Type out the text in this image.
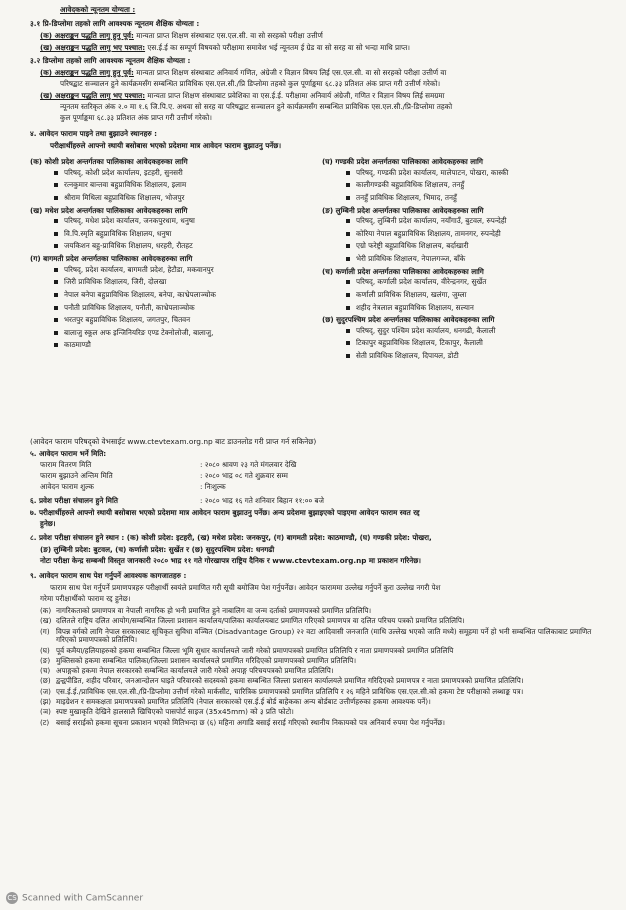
आवेदकको न्यूनतम योग्यता :
३.१ प्रि-डिप्लोमा तहको लागि आवश्यक न्यूनतम शैक्षिक योग्यता :
(क) अक्षराङ्कन पद्धति लागु हुनु पूर्व: मान्यता प्राप्त शिक्षण संस्थाबाट एस.एल.सी. वा सो सरहको परीक्षा उत्तीर्ण
(ख) अक्षराङ्कन पद्धति लागु भए पश्चात: एस.ई.ई का सम्पूर्ण विषयको परीक्षामा समावेश भई न्यूनतम ई ग्रेड वा सो सरह वा सो भन्दा माथि प्राप्त।
३.२ डिप्लोमा तहको लागि आवश्यक न्यूनतम शैक्षिक योग्यता :
(क) अक्षराङ्कन पद्धति लागु हुनु पूर्व: मान्यता प्राप्त शिक्षण संस्थाबाट अनिवार्य गणित, अंग्रेजी र विज्ञान विषय लिई एस.एल.सी. वा सो सरहको परीक्षा उत्तीर्ण वा
परिषद्बाट सञ्चालन हुने कार्यक्रमसँग सम्बन्धित प्राविधिक एस.एल.सी./प्रि डिप्लोमा तहको कुल पूर्णाङ्कमा ६८.३३ प्रतिशत अंक प्राप्त गरी उत्तीर्ण गरेको।
(ख) अक्षराङ्कन पद्धति लागु भए पश्चात: मान्यता प्राप्त शिक्षण संस्थाबाट प्रवेशिका वा एस.ई.ई. परीक्षामा अनिवार्य अंग्रेजी, गणित र विज्ञान विषय लिई समग्रमा
न्यूनतम स्तरिकृत अंक २.० मा १.६ जि.पि.ए. अथवा सो सरह वा परिषद्बाट सञ्चालन हुने कार्यक्रमसँग सम्बन्धित प्राविधिक एस.एल.सी./प्रि-डिप्लोमा तहको
कुल पूर्णाङ्कमा ६८.३३ प्रतिशत अंक प्राप्त गरी उत्तीर्ण गरेको।
४. आवेदन फाराम पाइने तथा बुझाउने स्थानहरु :
परीक्षार्थीहरुले आफ्नो स्थायी बसोबास भएको प्रदेशमा मात्र आवेदन फाराम बुझाउनु पर्नेछ।
(क) कोशी प्रदेश अन्तर्गतका पालिकाका आवेदकहरुका लागि
परिषद्, कोशी प्रदेश कार्यालय, इटहरी, सुनसरी
रत्नकुमार बान्तवा बहुप्राविधिक शिक्षालय, इलाम
श्रीराम मिथिला बहुप्राविधिक शिक्षालय, भोजपुर
(ख) मधेश प्रदेश अन्तर्गतका पालिकाका आवेदकहरुका लागि
परिषद्, मधेश प्रदेश कार्यालय, जनकपुरधाम, धनुषा
वि.पि.स्मृति बहुप्राविधिक शिक्षालय, धनुषा
जयकिशन बहु-प्राविधिक शिक्षालय, धरहरी, रौतहट
(ग) बागमती प्रदेश अन्तर्गतका पालिकाका आवेदकहरुका लागि
परिषद्, प्रदेश कार्यालय, बागमती प्रदेश, हेटौडा, मकवानपुर
जिरी प्राविधिक शिक्षालय, जिरी, दोलखा
नेपाल बनेपा बहुप्राविधिक शिक्षालय, बनेपा, काभ्रेपलाञ्चोक
पनौती प्राविधिक शिक्षालय, पनौती, काभ्रेपलाञ्चोक
भरतपुर बहुप्राविधिक शिक्षालय, जगतपुर, चितवन
बालाजु स्कूल अफ इन्जिनियरिङ एण्ड टेक्नोलोजी, बालाजु,
काठमाण्डौ
(घ) गण्डकी प्रदेश अन्तर्गतका पालिकाका आवेदकहरुका लागि
परिषद्, गण्डकी प्रदेश कार्यालय, मालेपाटन, पोखरा, कास्की
कालीगण्डकी बहुप्राविधिक शिक्षालय, तनहुँ
तनहुँ प्राविधिक शिक्षालय, भिमाद, तनहुँ
(ङ) लुम्बिनी प्रदेश अन्तर्गतका पालिकाका आवेदकहरुका लागि
परिषद्, लुम्बिनी प्रदेश कार्यालय, नयाँगाउँ, बुटवल, रुपन्देही
कोरिया नेपाल बहुप्राविधिक शिक्षालय, तामनगर, रुपन्देही
एग्रो फरेष्ट्री बहुप्राविधिक शिक्षालय, बर्दाखारी
भेरी प्राविधिक शिक्षालय, नेपालगञ्ज, बाँके
(च) कर्णाली प्रदेश अन्तर्गतका पालिकाका आवेदकहरुका लागि
परिषद्, कर्णाली प्रदेश कार्यालय, वीरेन्द्रनगर, सुर्खेत
कर्णाली प्राविधिक शिक्षालय, खलंगा, जुम्ला
शहीद नेत्रलाल बहुप्राविधिक शिक्षालय, सल्यान
(छ) सुदुरपश्चिम प्रदेश अन्तर्गतका पालिकाका आवेदकहरुका लागि
परिषद्, सुदुर पश्चिम प्रदेश कार्यालय, धनगढी, कैलाली
टिकापुर बहुप्राविधिक शिक्षालय, टिकापुर, कैलाली
सेती प्राविधिक शिक्षालय, दिपायल, डोटी
(आवेदन फाराम परिषद्को वेभसाईट www.ctevtexam.org.np बाट डाउनलोड गरी प्राप्त गर्न सकिनेछ)
५. आवेदन फाराम भर्ने मिति:
फाराम वितरण मिति	: २०८० श्रावण २३ गते मंगलवार देखि
फाराम बुझाउने अन्तिम मिति	: २०८० भाद्र ०८ गते शुक्रवार सम्म
आवेदन फाराम शुल्क	: निःशुल्क
६. प्रवेश परीक्षा संचालन हुने मिति	: २०८० भाद्र १६ गते शनिवार बिहान ११:०० बजे
७. परीक्षार्थीहरुले आफ्नो स्थायी बसोबास भएको प्रदेशमा मात्र आवेदन फाराम बुझाउनु पर्नेछ। अन्य प्रदेशमा बुझाइएको पाइएमा आवेदन फाराम स्वत रद्द
हुनेछ।
८. प्रवेश परीक्षा संचालन हुने स्थान : (क) कोशी प्रदेश: इटहरी, (ख) मधेश प्रदेश: जनकपुर, (ग) बागमती प्रदेश: काठमाण्डौ, (घ) गण्डकी प्रदेश: पोखरा,
(ङ) लुम्बिनी प्रदेश: बुटवल, (च) कर्णाली प्रदेश: सुर्खेत र (छ) सुदुरपश्चिम प्रदेश: धनगढी
नोटः परीक्षा केन्द्र सम्बन्धी विस्तृत जानकारी २०८० भाद्र ११ गते गोरखापत्र राष्ट्रिय दैनिक र www.ctevtexam.org.np मा प्रकाशन गरिनेछ।
९. आवेदन फाराम साथ पेश गर्नुपर्ने आवश्यक कागजातहरु :
फाराम साथ पेश गर्नुपर्ने प्रमाणपत्रहरु परीक्षार्थी स्वयंले प्रमाणित गरी सूची बमोजिम पेश गर्नुपर्नेछ। आवेदन फाराममा उल्लेख गर्नुपर्ने कुरा उल्लेख नगरी पेश
गरेमा परीक्षार्थीको फाराम रद्द हुनेछ।
(क) नागरिकताको प्रमाणपत्र वा नेपाली नागरिक हो भनी प्रमाणित हुने नाबालिग वा जन्म दर्ताको प्रमाणपत्रको प्रमाणित प्रतिलिपि।
(ख) दलितले राष्ट्रिय दलित आयोग/सम्बन्धित जिल्ला प्रशासन कार्यालय/पालिका कार्यालयबाट प्रमाणित गरिएको प्रमाणपत्र वा दलित परिचय पत्रको प्रमाणित प्रतिलिपि।
(ग) विपन्न वर्गको लागि नेपाल सरकारबाट सूचिकृत सुविधा वञ्चित (Disadvantage Group) २२ वटा आदिवासी जनजाति (माथि उल्लेख भएको जाति मध्ये) समूहमा पर्ने हो भनी सम्बन्धित पालिकाबाट प्रमाणित गरिएको प्रमाणपत्रको प्रतिलिपि।
(घ) पूर्व कमैया/हलियाहरुको हकमा सम्बन्धित जिल्ला भूमि सुधार कार्यालयले जारी गरेको प्रमाणपत्रको प्रमाणित प्रतिलिपि र नाता प्रमाणपत्रको प्रमाणित प्रतिलिपि
(ङ) मुक्तिसको हकमा सम्बन्धित पालिका/जिल्ला प्रशासन कार्यालयले प्रमाणित गरिदिएको प्रमाणपत्रको प्रमाणित प्रतिलिपि।
(च) अपाङ्गको हकमा नेपाल सरकारको सम्बन्धित कार्यालयले जारी गरेको अपाङ्ग परिचयपत्रको प्रमाणित प्रतिलिपि।
(छ) द्वन्द्वपीडित, शहीद परिवार, जनआन्दोलन घाइते परिवारको सदस्यको हकमा सम्बन्धित जिल्ला प्रशासन कार्यालयले प्रमाणित गरिदिएको प्रमाणपत्र र नाता प्रमाणपत्रको प्रमाणित प्रतिलिपि।
(ज) एस.ई.ई./प्राविधिक एस.एल.सी./प्रि-डिप्लोमा उत्तीर्ण गरेको मार्कसीट, चारित्रिक प्रमाणपत्रको प्रमाणित प्रतिलिपि र २६ महिने प्राविधिक एस.एल.सी.को हकमा टेष्ट परीक्षाको लब्धाङ्क पत्र।
(झ) माइग्रेशन र समकक्षता प्रमाणपत्रको प्रमाणित प्रतिलिपि (नेपाल सरकारको एस.ई.ई बोर्ड बाहेकका अन्य बोर्डबाट उत्तीर्णहरुका हकमा आवश्यक पर्ने)।
(ञ) स्पष्ट मुखाकृति देखिने हालसालै खिचिएको पासपोर्ट साइज (35x45mm) को ३ प्रति फोटो।
(ट) बसाई सराईको हकमा सूचना प्रकाशन भएको मितिभन्दा छ (६) महिना अगाडि बसाई सराई गरिएको स्थानीय निकायको पत्र अनिवार्य रुपमा पेश गर्नुपर्नेछ।
CS Scanned with CamScanner
